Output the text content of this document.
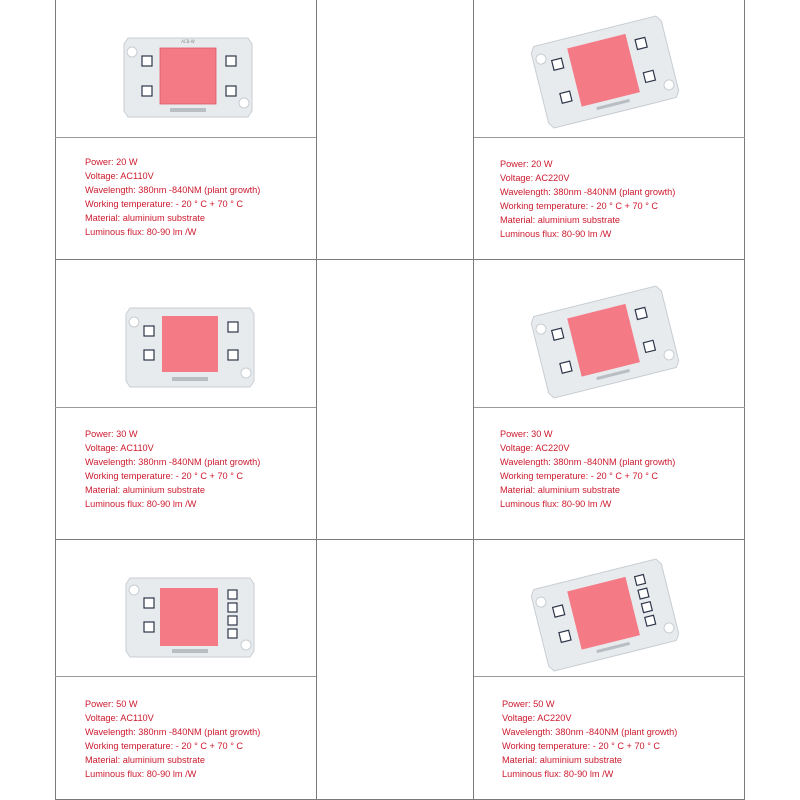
ACB-W
Power: 20 W
Voltage: AC110V
Wavelength: 380nm -840NM (plant growth)
Working temperature: - 20 ° C + 70 ° C
Material: aluminium substrate
Luminous flux: 80-90 lm /W
Power: 20 W
Voltage: AC220V
Wavelength: 380nm -840NM (plant growth)
Working temperature: - 20 ° C + 70 ° C
Material: aluminium substrate
Luminous flux: 80-90 lm /W
Power: 30 W
Voltage: AC110V
Wavelength: 380nm -840NM (plant growth)
Working temperature: - 20 ° C + 70 ° C
Material: aluminium substrate
Luminous flux: 80-90 lm /W
Power: 30 W
Voltage: AC220V
Wavelength: 380nm -840NM (plant growth)
Working temperature: - 20 ° C + 70 ° C
Material: aluminium substrate
Luminous flux: 80-90 lm /W
Power: 50 W
Voltage: AC110V
Wavelength: 380nm -840NM (plant growth)
Working temperature: - 20 ° C + 70 ° C
Material: aluminium substrate
Luminous flux: 80-90 lm /W
Power: 50 W
Voltage: AC220V
Wavelength: 380nm -840NM (plant growth)
Working temperature: - 20 ° C + 70 ° C
Material: aluminium substrate
Luminous flux: 80-90 lm /W
